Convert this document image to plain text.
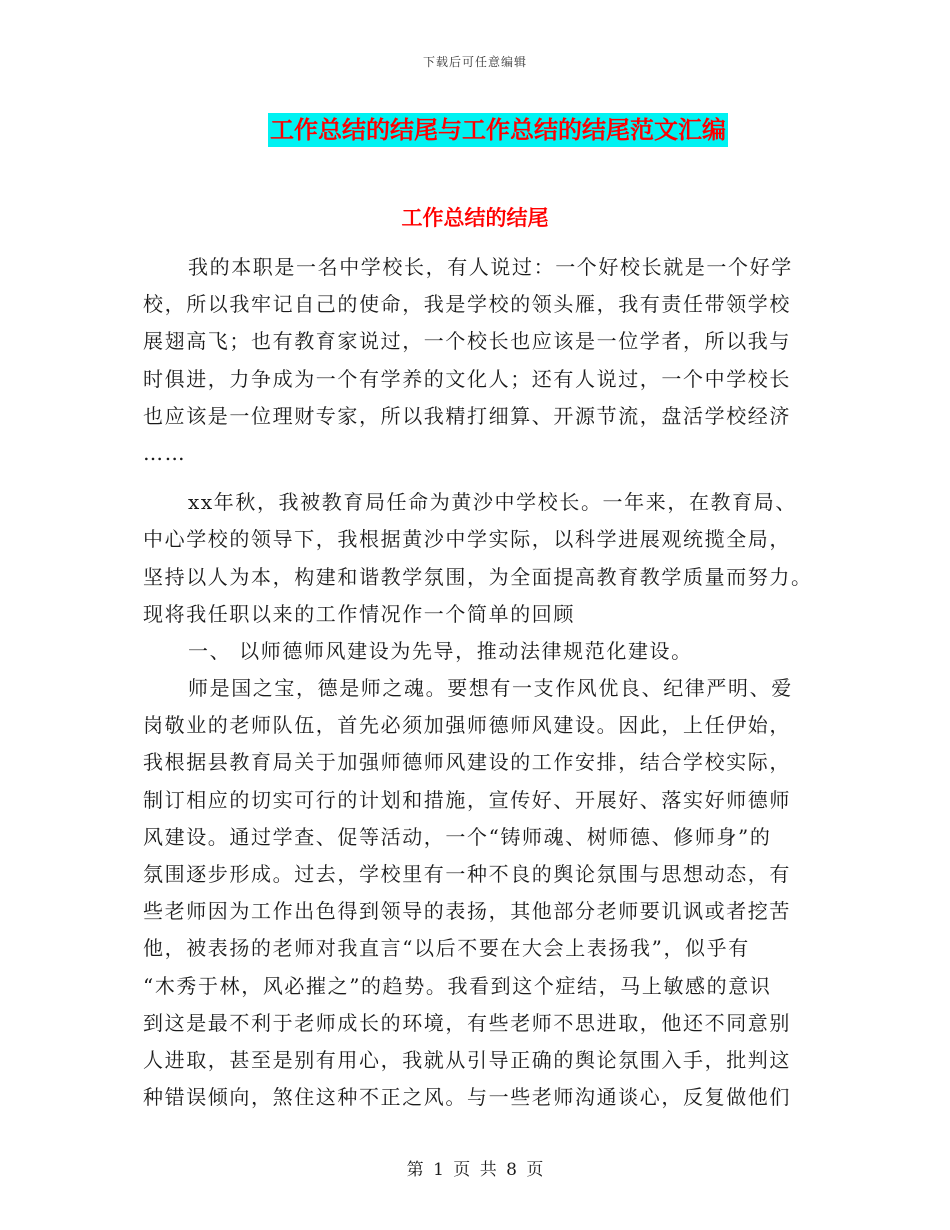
下载后可任意编辑
工作总结的结尾与工作总结的结尾范文汇编
工作总结的结尾
我的本职是一名中学校长，有人说过：一个好校长就是一个好学
校，所以我牢记自己的使命，我是学校的领头雁，我有责任带领学校
展翅高飞；也有教育家说过，一个校长也应该是一位学者，所以我与
时俱进，力争成为一个有学养的文化人；还有人说过，一个中学校长
也应该是一位理财专家，所以我精打细算、开源节流，盘活学校经济
……
xx年秋，我被教育局任命为黄沙中学校长。一年来，在教育局、
中心学校的领导下，我根据黄沙中学实际，以科学进展观统揽全局，
坚持以人为本，构建和谐教学氛围，为全面提高教育教学质量而努力。
现将我任职以来的工作情况作一个简单的回顾
一、 以师德师风建设为先导，推动法律规范化建设。
师是国之宝，德是师之魂。要想有一支作风优良、纪律严明、爱
岗敬业的老师队伍，首先必须加强师德师风建设。因此，上任伊始，
我根据县教育局关于加强师德师风建设的工作安排，结合学校实际，
制订相应的切实可行的计划和措施，宣传好、开展好、落实好师德师
风建设。通过学查、促等活动，一个“铸师魂、树师德、修师身”的
氛围逐步形成。过去，学校里有一种不良的舆论氛围与思想动态，有
些老师因为工作出色得到领导的表扬，其他部分老师要讥讽或者挖苦
他，被表扬的老师对我直言“以后不要在大会上表扬我”，似乎有
“木秀于林，风必摧之”的趋势。我看到这个症结，马上敏感的意识
到这是最不利于老师成长的环境，有些老师不思进取，他还不同意别
人进取，甚至是别有用心，我就从引导正确的舆论氛围入手，批判这
种错误倾向，煞住这种不正之风。与一些老师沟通谈心，反复做他们
第 1 页 共 8 页
